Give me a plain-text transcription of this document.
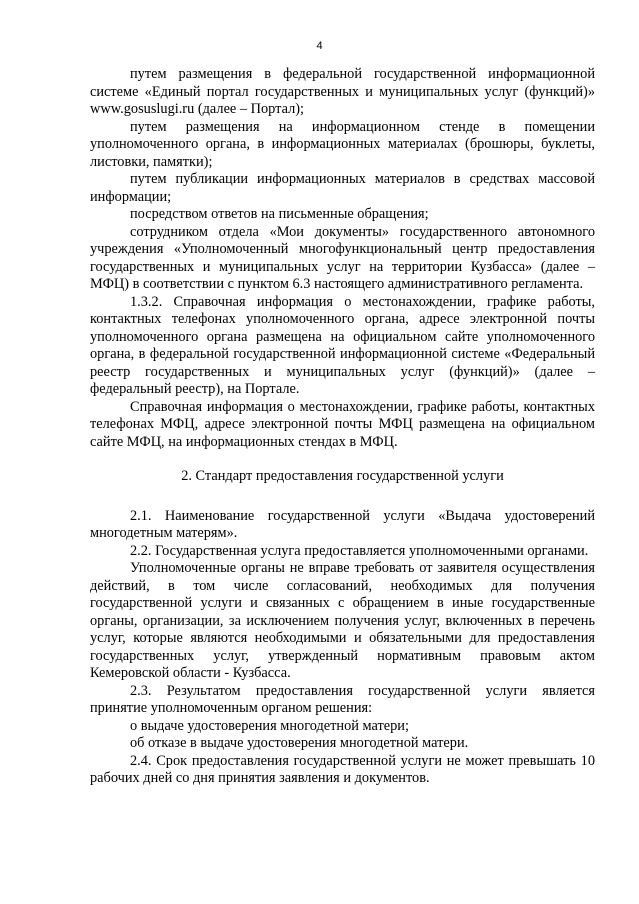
4

путем размещения в федеральной государственной информационной системе «Единый портал государственных и муниципальных услуг (функций)» www.gosuslugi.ru (далее – Портал);

путем размещения на информационном стенде в помещении уполномоченного органа, в информационных материалах (брошюры, буклеты, листовки, памятки);

путем публикации информационных материалов в средствах массовой информации;

посредством ответов на письменные обращения;

сотрудником отдела «Мои документы» государственного автономного учреждения «Уполномоченный многофункциональный центр предоставления государственных и муниципальных услуг на территории Кузбасса» (далее – МФЦ) в соответствии с пунктом 6.3 настоящего административного регламента.

1.3.2. Справочная информация о местонахождении, графике работы, контактных телефонах уполномоченного органа, адресе электронной почты уполномоченного органа размещена на официальном сайте уполномоченного органа, в федеральной государственной информационной системе «Федеральный реестр государственных и муниципальных услуг (функций)» (далее – федеральный реестр), на Портале.

Справочная информация о местонахождении, графике работы, контактных телефонах МФЦ, адресе электронной почты МФЦ размещена на официальном сайте МФЦ, на информационных стендах в МФЦ.

2. Стандарт предоставления государственной услуги

2.1. Наименование государственной услуги «Выдача удостоверений многодетным матерям».

2.2. Государственная услуга предоставляется уполномоченными органами.

Уполномоченные органы не вправе требовать от заявителя осуществления действий, в том числе согласований, необходимых для получения государственной услуги и связанных с обращением в иные государственные органы, организации, за исключением получения услуг, включенных в перечень услуг, которые являются необходимыми и обязательными для предоставления государственных услуг, утвержденный нормативным правовым актом Кемеровской области - Кузбасса.

2.3. Результатом предоставления государственной услуги является принятие уполномоченным органом решения:

о выдаче удостоверения многодетной матери;

об отказе в выдаче удостоверения многодетной матери.

2.4. Срок предоставления государственной услуги не может превышать 10 рабочих дней со дня принятия заявления и документов.
